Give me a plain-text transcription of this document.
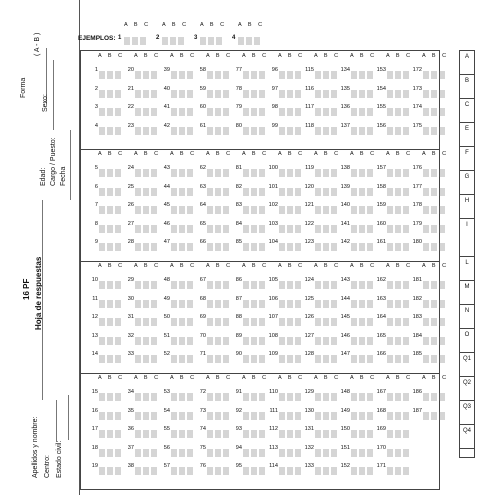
Forma
( A - B )
Sexo:
Edad: Cargo / Puesto: Fecha
16 PF Hoja de respuestas
Apellidos y nombre: Centro: Estado civil:
EJEMPLOS:
A B C
1
A B C
2
A B C
3
A B C
4
A B C
1
2
3
4
A B C
20
21
22
23
A B C
39
40
41
42
A B C
58
59
60
61
A B C
77
78
79
80
A B C
96
97
98
99
A B C
115
116
117
118
A B C
134
135
136
137
A B C
153
154
155
156
A B C
172
173
174
175
A B C
5
6
7
8
9
A B C
24
25
26
27
28
A B C
43
44
45
46
47
A B C
62
63
64
65
66
A B C
81
82
83
84
85
A B C
100
101
102
103
104
A B C
119
120
121
122
123
A B C
138
139
140
141
142
A B C
157
158
159
160
161
A B C
176
177
178
179
180
A B C
10
11
12
13
14
A B C
29
30
31
32
33
A B C
48
49
50
51
52
A B C
67
68
69
70
71
A B C
86
87
88
89
90
A B C
105
106
107
108
109
A B C
124
125
126
127
128
A B C
143
144
145
146
147
A B C
162
163
164
165
166
A B C
181
182
183
184
185
A B C
15
16
17
18
19
A B C
34
35
36
37
38
A B C
53
54
55
56
57
A B C
72
73
74
75
76
A B C
91
92
93
94
95
A B C
110
111
112
113
114
A B C
129
130
131
132
133
A B C
148
149
150
151
152
A B C
167
168
169
170
171
A B C
186
187
A
B
C
E
F
G
H
I
L
M
N
O
Q1
Q2
Q3
Q4
